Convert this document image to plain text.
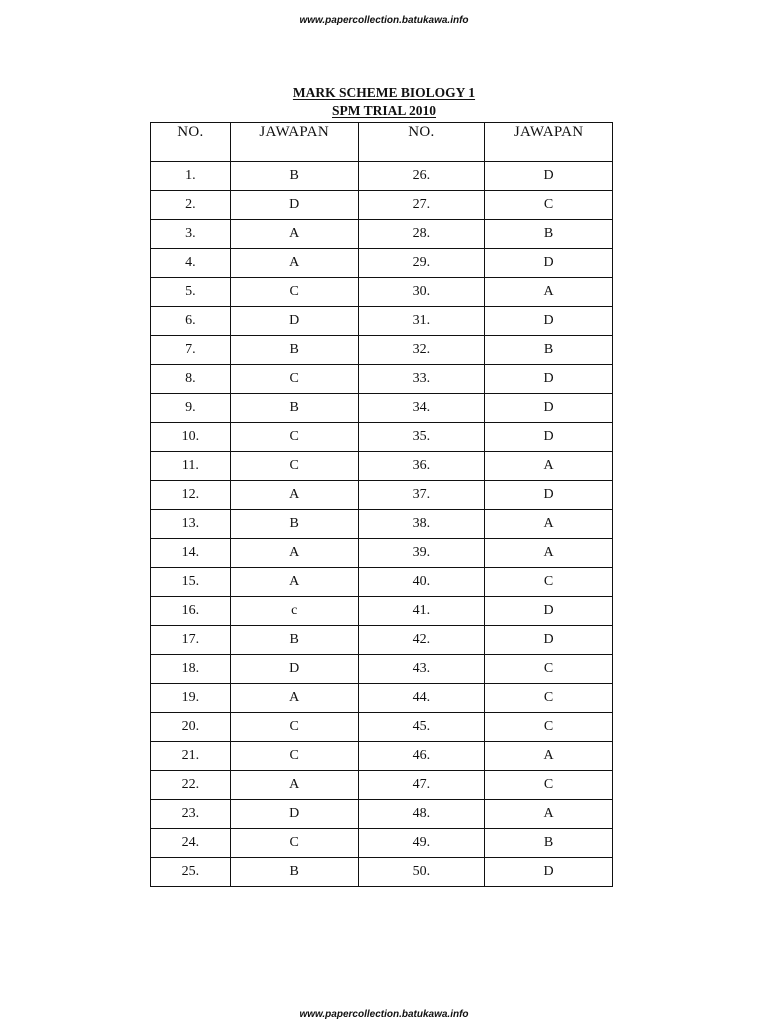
www.papercollection.batukawa.info
MARK SCHEME BIOLOGY 1
SPM TRIAL 2010
NO.	JAWAPAN	NO.	JAWAPAN
1.	B	26.	D
2.	D	27.	C
3.	A	28.	B
4.	A	29.	D
5.	C	30.	A
6.	D	31.	D
7.	B	32.	B
8.	C	33.	D
9.	B	34.	D
10.	C	35.	D
11.	C	36.	A
12.	A	37.	D
13.	B	38.	A
14.	A	39.	A
15.	A	40.	C
16.	c	41.	D
17.	B	42.	D
18.	D	43.	C
19.	A	44.	C
20.	C	45.	C
21.	C	46.	A
22.	A	47.	C
23.	D	48.	A
24.	C	49.	B
25.	B	50.	D
www.papercollection.batukawa.info
